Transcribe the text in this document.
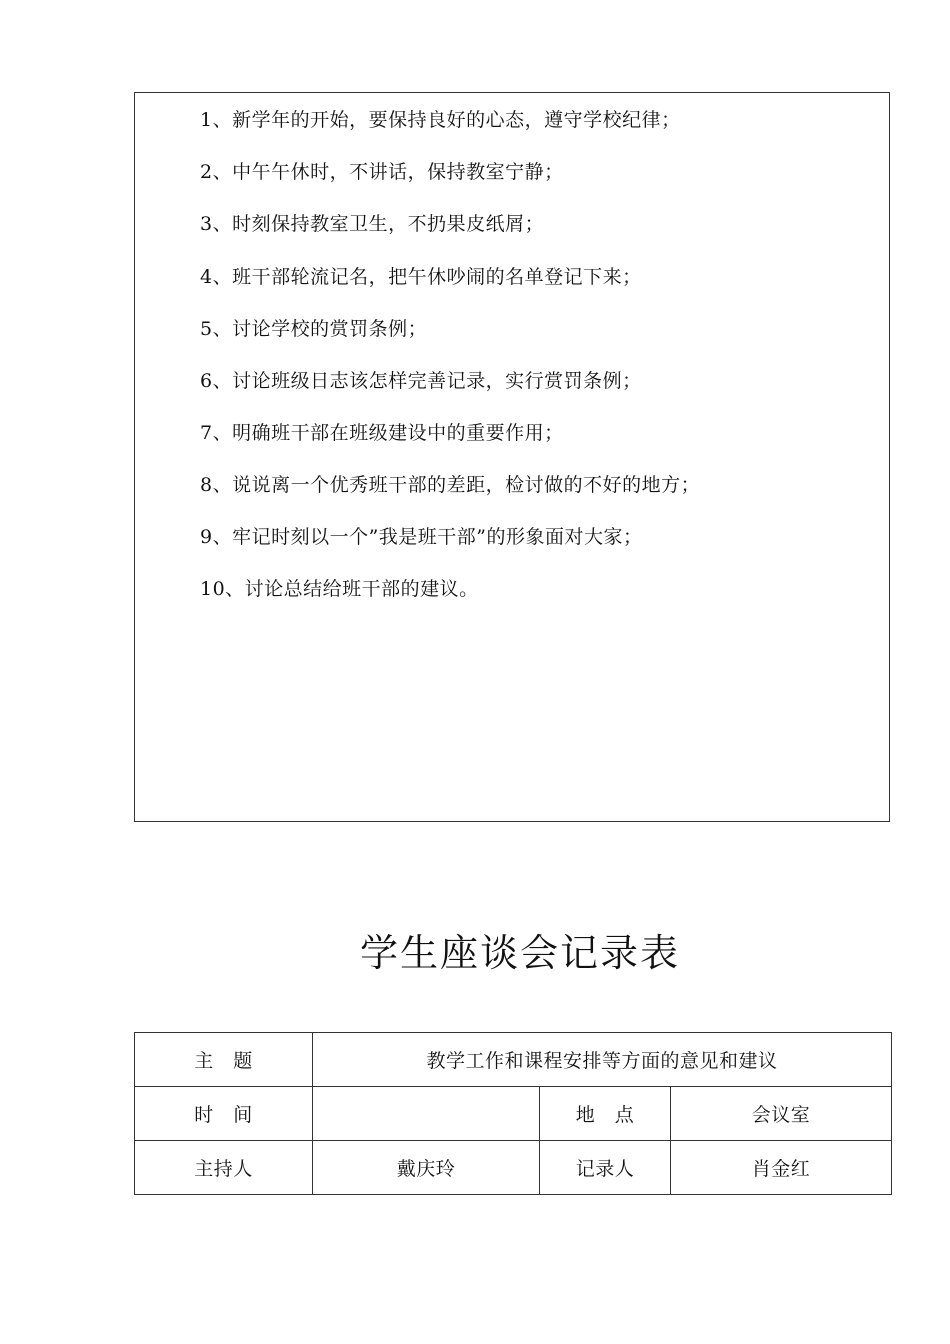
1、新学年的开始，要保持良好的心态，遵守学校纪律；
2、中午午休时，不讲话，保持教室宁静；
3、时刻保持教室卫生，不扔果皮纸屑；
4、班干部轮流记名，把午休吵闹的名单登记下来；
5、讨论学校的赏罚条例；
6、讨论班级日志该怎样完善记录，实行赏罚条例；
7、明确班干部在班级建设中的重要作用；
8、说说离一个优秀班干部的差距，检讨做的不好的地方；
9、牢记时刻以一个”我是班干部”的形象面对大家；
10、讨论总结给班干部的建议。
学生座谈会记录表
主　题	教学工作和课程安排等方面的意见和建议		
时　间		地　点	会议室
主持人	戴庆玲	记录人	肖金红
